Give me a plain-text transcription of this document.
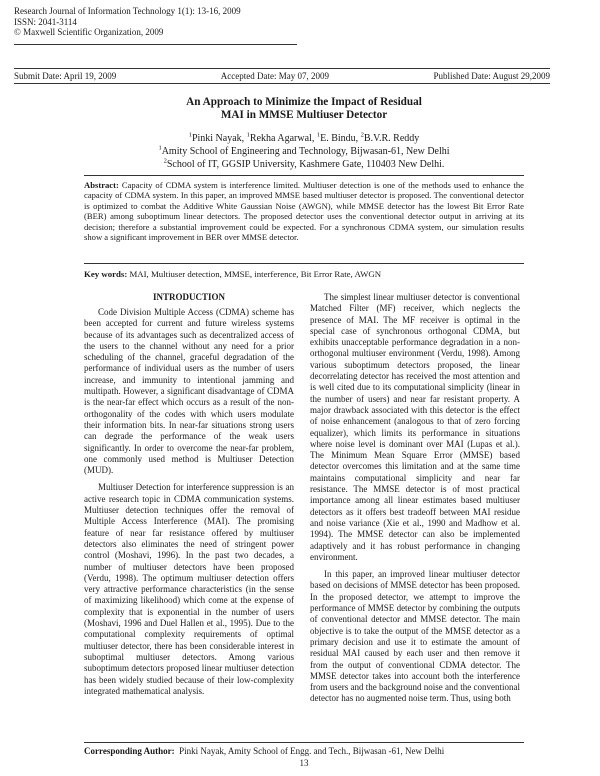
Research Journal of Information Technology 1(1): 13-16, 2009
ISSN: 2041-3114
© Maxwell Scientific Organization, 2009
Submit Date: April 19, 2009	Accepted Date: May 07, 2009	Published Date: August 29,2009
An Approach to Minimize the Impact of Residual
MAI in MMSE Multiuser Detector
$^1$Pinki Nayak, $^1$Rekha Agarwal, $^1$E. Bindu, $^2$B.V.R. Reddy
$^1$Amity School of Engineering and Technology, Bijwasan-61, New Delhi
$^2$School of IT, GGSIP University, Kashmere Gate, 110403 New Delhi.
Abstract: Capacity of CDMA system is interference limited. Multiuser detection is one of the methods used to enhance the capacity of CDMA system. In this paper, an improved MMSE based multiuser detector is proposed. The conventional detector is optimized to combat the Additive White Gaussian Noise (AWGN), while MMSE detector has the lowest Bit Error Rate (BER) among suboptimum linear detectors. The proposed detector uses the conventional detector output in arriving at its decision; therefore a substantial improvement could be expected. For a synchronous CDMA system, our simulation results show a significant improvement in BER over MMSE detector.
Key words: MAI, Multiuser detection, MMSE, interference, Bit Error Rate, AWGN
INTRODUCTION

Code Division Multiple Access (CDMA) scheme has been accepted for current and future wireless systems because of its advantages such as decentralized access of the users to the channel without any need for a prior scheduling of the channel, graceful degradation of the performance of individual users as the number of users increase, and immunity to intentional jamming and multipath. However, a significant disadvantage of CDMA is the near-far effect which occurs as a result of the non-orthogonality of the codes with which users modulate their information bits. In near-far situations strong users can degrade the performance of the weak users significantly. In order to overcome the near-far problem, one commonly used method is Multiuser Detection (MUD).

Multiuser Detection for interference suppression is an active research topic in CDMA communication systems. Multiuser detection techniques offer the removal of Multiple Access Interference (MAI). The promising feature of near far resistance offered by multiuser detectors also eliminates the need of stringent power control (Moshavi, 1996). In the past two decades, a number of multiuser detectors have been proposed (Verdu, 1998). The optimum multiuser detection offers very attractive performance characteristics (in the sense of maximizing likelihood) which come at the expense of complexity that is exponential in the number of users (Moshavi, 1996 and Duel Hallen et al., 1995). Due to the computational complexity requirements of optimal multiuser detector, there has been considerable interest in suboptimal multiuser detectors. Among various suboptimum detectors proposed linear multiuser detection has been widely studied because of their low-complexity integrated mathematical analysis.

The simplest linear multiuser detector is conventional Matched Filter (MF) receiver, which neglects the presence of MAI. The MF receiver is optimal in the special case of synchronous orthogonal CDMA, but exhibits unacceptable performance degradation in a non-orthogonal multiuser environment (Verdu, 1998). Among various suboptimum detectors proposed, the linear decorrelating detector has received the most attention and is well cited due to its computational simplicity (linear in the number of users) and near far resistant property. A major drawback associated with this detector is the effect of noise enhancement (analogous to that of zero forcing equalizer), which limits its performance in situations where noise level is dominant over MAI (Lupas et al.). The Minimum Mean Square Error (MMSE) based detector overcomes this limitation and at the same time maintains computational simplicity and near far resistance. The MMSE detector is of most practical importance among all linear estimates based multiuser detectors as it offers best tradeoff between MAI residue and noise variance (Xie et al., 1990 and Madhow et al. 1994). The MMSE detector can also be implemented adaptively and it has robust performance in changing environment.

In this paper, an improved linear multiuser detector based on decisions of MMSE detector has been proposed. In the proposed detector, we attempt to improve the performance of MMSE detector by combining the outputs of conventional detector and MMSE detector. The main objective is to take the output of the MMSE detector as a primary decision and use it to estimate the amount of residual MAI caused by each user and then remove it from the output of conventional CDMA detector. The MMSE detector takes into account both the interference from users and the background noise and the conventional detector has no augmented noise term. Thus, using both

Corresponding Author: Pinki Nayak, Amity School of Engg. and Tech., Bijwasan -61, New Delhi
13
